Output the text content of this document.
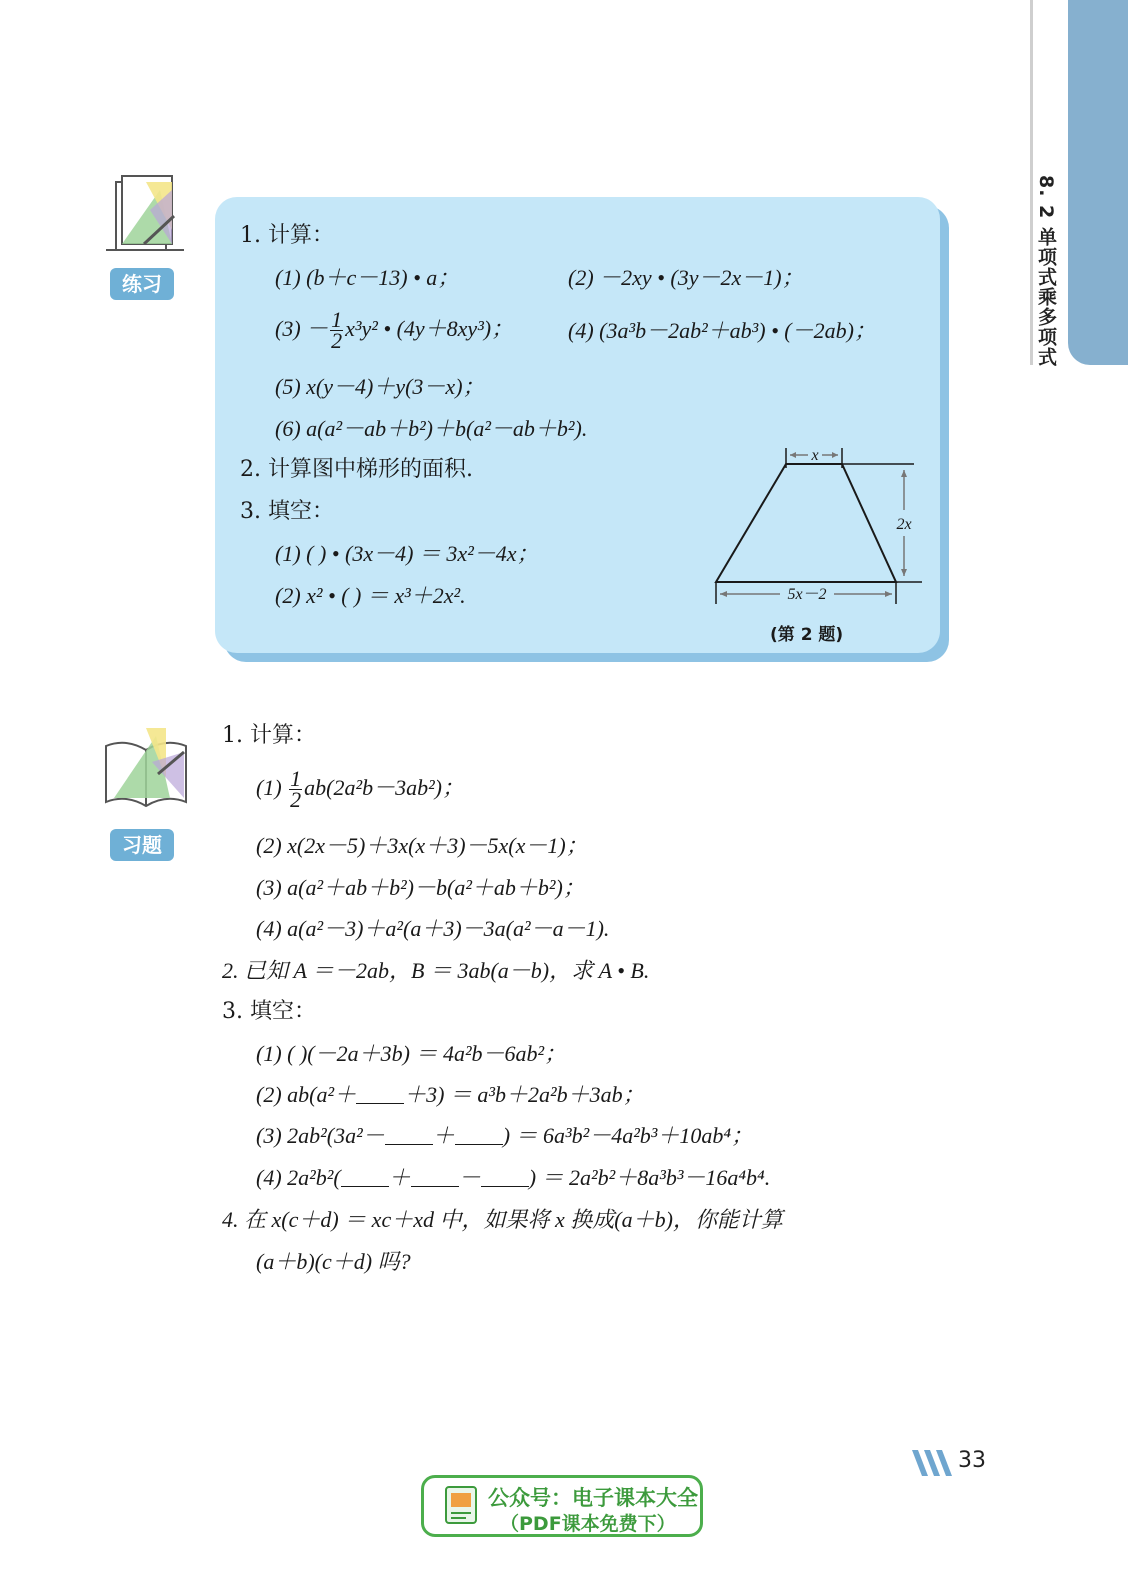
8. 2 单项式乘多项式
练习
1. 计算：
(1) (b＋c－13) • a；	(2) －2xy • (3y－2x－1)；
$(3) - \frac{1}{2} x^3y^2$ • (4y＋8xy³)； (4) (3a³b－2ab²＋ab³) • (－2ab)；
(5) x(y－4)＋y(3－x)；
(6) a(a²－ab＋b²)＋b(a²－ab＋b²).
2. 计算图中梯形的面积.
3. 填空：
(1) ( ) • (3x－4) ＝ 3x²－4x；
(2) x² • ( ) ＝ x³＋2x².
x
2x
5x－2
(第 2 题)
习题
1. 计算：
$(1) \frac{1}{2} ab(2a^2b-3ab^2)$；
(2) x(2x－5)＋3x(x＋3)－5x(x－1)；
(3) a(a²＋ab＋b²)－b(a²＋ab＋b²)；
(4) a(a²－3)＋a²(a＋3)－3a(a²－a－1).
2. 已知 A ＝－2ab，B ＝ 3ab(a－b)，求 A • B.
3. 填空：
(1) ( )(－2a＋3b) ＝ 4a²b－6ab²；
(2) ab(a²＋ ＋3) ＝ a³b＋2a²b＋3ab；
(3) 2ab²(3a²－ ＋ ) ＝ 6a³b²－4a²b³＋10ab⁴；
(4) 2a²b²( ＋ － ) ＝ 2a²b²＋8a³b³－16a⁴b⁴.
4. 在 x(c＋d) ＝ xc＋xd 中，如果将 x 换成(a＋b)，你能计算
(a＋b)(c＋d) 吗?
33
公众号：电子课本大全
（PDF课本免费下）
